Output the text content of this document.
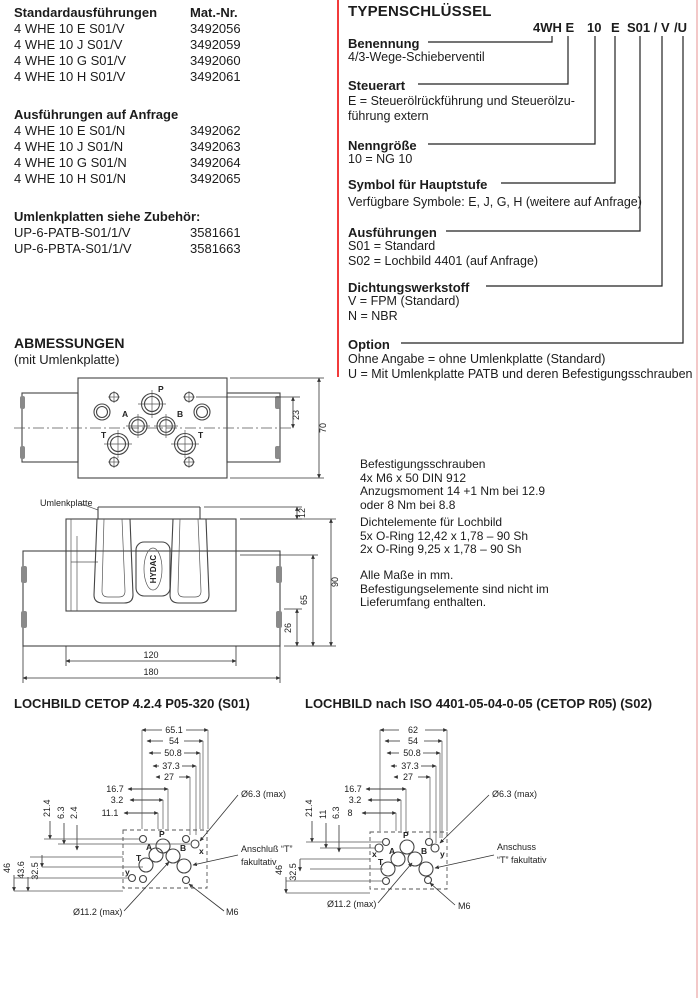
Standardausführungen	Mat.-Nr.
4 WHE 10 E S01/V	3492056
4 WHE 10 J S01/V	3492059
4 WHE 10 G S01/V	3492060
4 WHE 10 H S01/V	3492061
Ausführungen auf Anfrage
4 WHE 10 E S01/N	3492062
4 WHE 10 J S01/N	3492063
4 WHE 10 G S01/N	3492064
4 WHE 10 H S01/N	3492065
Umlenkplatten siehe Zubehör:
UP-6-PATB-S01/1/V	3581661
UP-6-PBTA-S01/1/V	3581663
TYPENSCHLÜSSEL
4WH E 10 E S01 / V /U
Benennung
4/3-Wege-Schieberventil
Steuerart
E = Steuerölrückführung und Steuerölzu-
führung extern
Nenngröße
10 = NG 10
Symbol für Hauptstufe
Verfügbare Symbole: E, J, G, H (weitere auf Anfrage)
Ausführungen
S01 = Standard
S02 = Lochbild 4401 (auf Anfrage)
Dichtungswerkstoff
V = FPM (Standard)
N = NBR
Option
Ohne Angabe = ohne Umlenkplatte (Standard)
U = Mit Umlenkplatte PATB und deren Befestigungsschrauben
ABMESSUNGEN
(mit Umlenkplatte)
P
A	B
T	T
23
70
Umlenkplatte
HYDAC
12
90
65
26
120
180
Befestigungsschrauben
4x M6 x 50 DIN 912
Anzugsmoment 14 +1 Nm bei 12.9
oder 8 Nm bei 8.8
Dichtelemente für Lochbild
5x O-Ring 12,42 x 1,78 – 90 Sh
2x O-Ring 9,25 x 1,78 – 90 Sh
Alle Maße in mm.
Befestigungselemente sind nicht im
Lieferumfang enthalten.
LOCHBILD CETOP 4.2.4 P05-320 (S01)	LOCHBILD nach ISO 4401-05-04-0-05 (CETOP R05) (S02)
P
A	B
T
x
y
65.1
54
50.8
37.3
27
16.7
3.2
11.1
21.4 6.3 2.4
46 43.6 32.5
Ø6.3 (max)
Anschluß “T”
fakultativ
Ø11.2 (max)	M6
P
A	B
T
x	y
62
54
50.8
37.3
27
16.7
3.2
8
21.4 11 6.3
46 32.5
Ø6.3 (max)
Anschuss
“T” fakultativ
Ø11.2 (max)	M6
